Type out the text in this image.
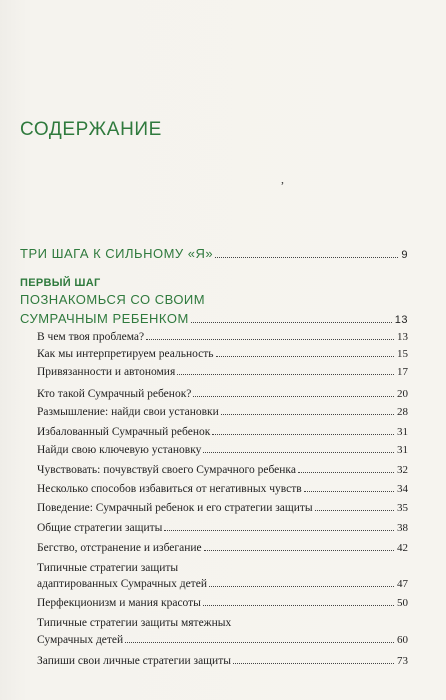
СОДЕРЖАНИЕ
,
ТРИ ШАГА К СИЛЬНОМУ «Я»	9
ПЕРВЫЙ ШАГ
ПОЗНАКОМЬСЯ СО СВОИМ
СУМРАЧНЫМ РЕБЕНКОМ	13
В чем твоя проблема?	13
Как мы интерпретируем реальность	15
Привязанности и автономия	17
Кто такой Сумрачный ребенок?	20
Размышление: найди свои установки	28
Избалованный Сумрачный ребенок	31
Найди свою ключевую установку	31
Чувствовать: почувствуй своего Сумрачного ребенка	32
Несколько способов избавиться от негативных чувств	34
Поведение: Сумрачный ребенок и его стратегии защиты	35
Общие стратегии защиты	38
Бегство, отстранение и избегание	42
Типичные стратегии защиты
адаптированных Сумрачных детей	47
Перфекционизм и мания красоты	50
Типичные стратегии защиты мятежных
Сумрачных детей	60
Запиши свои личные стратегии защиты	73
